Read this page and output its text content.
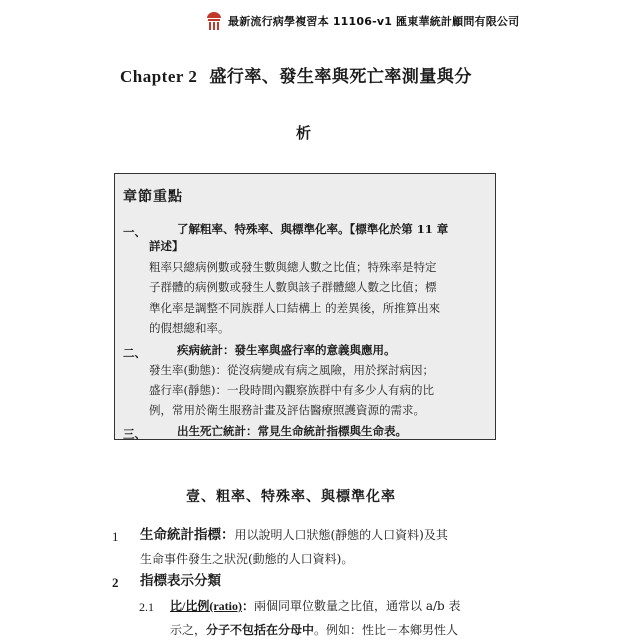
最新流行病學複習本 11106-v1 匯東華統計顧問有限公司
Chapter 2 盛行率、發生率與死亡率測量與分
析
章節重點
一、	了解粗率、特殊率、與標準化率。【標準化於第 11 章
詳述】
粗率只總病例數或發生數與總人數之比值；特殊率是特定
子群體的病例數或發生人數與該子群體總人數之比值；標
準化率是調整不同族群人口結構上 的差異後，所推算出來
的假想總和率。
二、	疾病統計：發生率與盛行率的意義與應用。
發生率(動態)：從沒病變成有病之風險，用於探討病因；
盛行率(靜態)：一段時間內觀察族群中有多少人有病的比
例，常用於衛生服務計畫及評估醫療照護資源的需求。
三、	出生死亡統計：常見生命統計指標與生命表。
壹、粗率、特殊率、與標準化率
1 生命統計指標：用以說明人口狀態(靜態的人口資料)及其
生命事件發生之狀況(動態的人口資料)。
2 指標表示分類
2.1 比/比例(ratio)：兩個同單位數量之比值，通常以 a/b 表
示之，分子不包括在分母中。例如：性比－本鄉男性人
